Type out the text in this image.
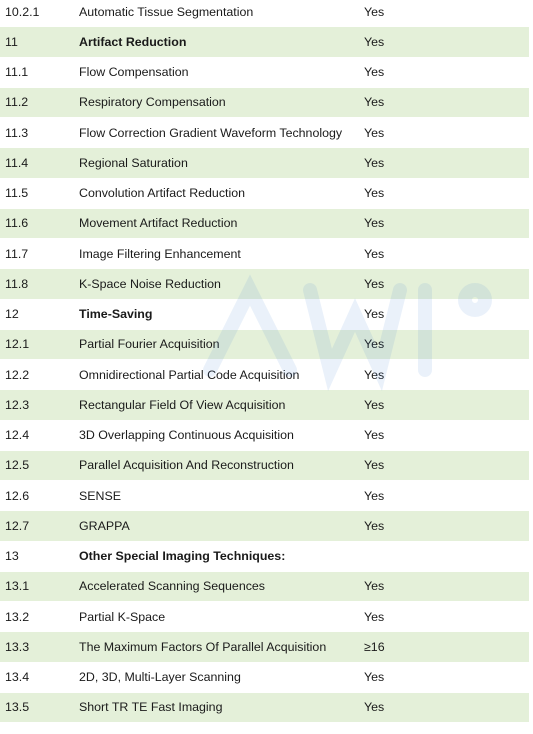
10.2.1	Automatic Tissue Segmentation	Yes
11	Artifact Reduction	Yes
11.1	Flow Compensation	Yes
11.2	Respiratory Compensation	Yes
11.3	Flow Correction Gradient Waveform Technology	Yes
11.4	Regional Saturation	Yes
11.5	Convolution Artifact Reduction	Yes
11.6	Movement Artifact Reduction	Yes
11.7	Image Filtering Enhancement	Yes
11.8	K-Space Noise Reduction	Yes
12	Time-Saving	Yes
12.1	Partial Fourier Acquisition	Yes
12.2	Omnidirectional Partial Code Acquisition	Yes
12.3	Rectangular Field Of View Acquisition	Yes
12.4	3D Overlapping Continuous Acquisition	Yes
12.5	Parallel Acquisition And Reconstruction	Yes
12.6	SENSE	Yes
12.7	GRAPPA	Yes
13	Other Special Imaging Techniques:
13.1	Accelerated Scanning Sequences	Yes
13.2	Partial K-Space	Yes
13.3	The Maximum Factors Of Parallel Acquisition	≥16
13.4	2D, 3D, Multi-Layer Scanning	Yes
13.5	Short TR TE Fast Imaging	Yes
